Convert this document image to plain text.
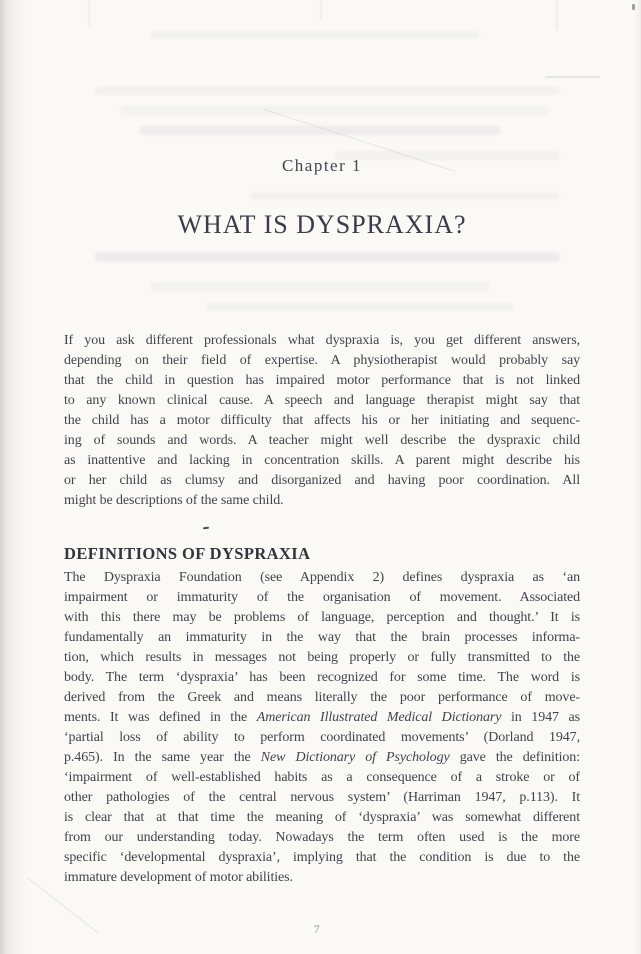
Chapter 1
WHAT IS DYSPRAXIA?
If you ask different professionals what dyspraxia is, you get different answers,
depending on their field of expertise. A physiotherapist would probably say
that the child in question has impaired motor performance that is not linked
to any known clinical cause. A speech and language therapist might say that
the child has a motor difficulty that affects his or her initiating and sequenc-
ing of sounds and words. A teacher might well describe the dyspraxic child
as inattentive and lacking in concentration skills. A parent might describe his
or her child as clumsy and disorganized and having poor coordination. All
might be descriptions of the same child.
DEFINITIONS OF DYSPRAXIA
The Dyspraxia Foundation (see Appendix 2) defines dyspraxia as ‘an
impairment or immaturity of the organisation of movement. Associated
with this there may be problems of language, perception and thought.’ It is
fundamentally an immaturity in the way that the brain processes informa-
tion, which results in messages not being properly or fully transmitted to the
body. The term ‘dyspraxia’ has been recognized for some time. The word is
derived from the Greek and means literally the poor performance of move-
ments. It was defined in the American Illustrated Medical Dictionary in 1947 as
‘partial loss of ability to perform coordinated movements’ (Dorland 1947,
p.465). In the same year the New Dictionary of Psychology gave the definition:
‘impairment of well-established habits as a consequence of a stroke or of
other pathologies of the central nervous system’ (Harriman 1947, p.113). It
is clear that at that time the meaning of ‘dyspraxia’ was somewhat different
from our understanding today. Nowadays the term often used is the more
specific ‘developmental dyspraxia’, implying that the condition is due to the
immature development of motor abilities.
7
